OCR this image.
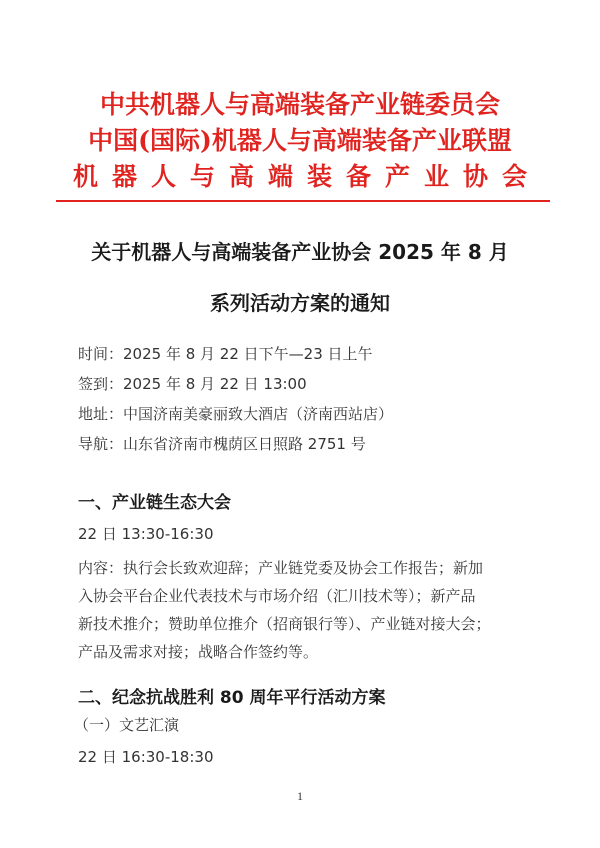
中共机器人与高端装备产业链委员会
中国(国际)机器人与高端装备产业联盟
机器人与高端装备产业协会
关于机器人与高端装备产业协会 2025 年 8 月
系列活动方案的通知
时间：2025 年 8 月 22 日下午—23 日上午
签到：2025 年 8 月 22 日 13:00
地址：中国济南美豪丽致大酒店（济南西站店）
导航：山东省济南市槐荫区日照路 2751 号
一、产业链生态大会
22 日 13:30-16:30
内容：执行会长致欢迎辞；产业链党委及协会工作报告；新加
入协会平台企业代表技术与市场介绍（汇川技术等）；新产品
新技术推介；赞助单位推介（招商银行等）、产业链对接大会；
产品及需求对接；战略合作签约等。
二、纪念抗战胜利 80 周年平行活动方案
（一）文艺汇演
22 日 16:30-18:30
1
